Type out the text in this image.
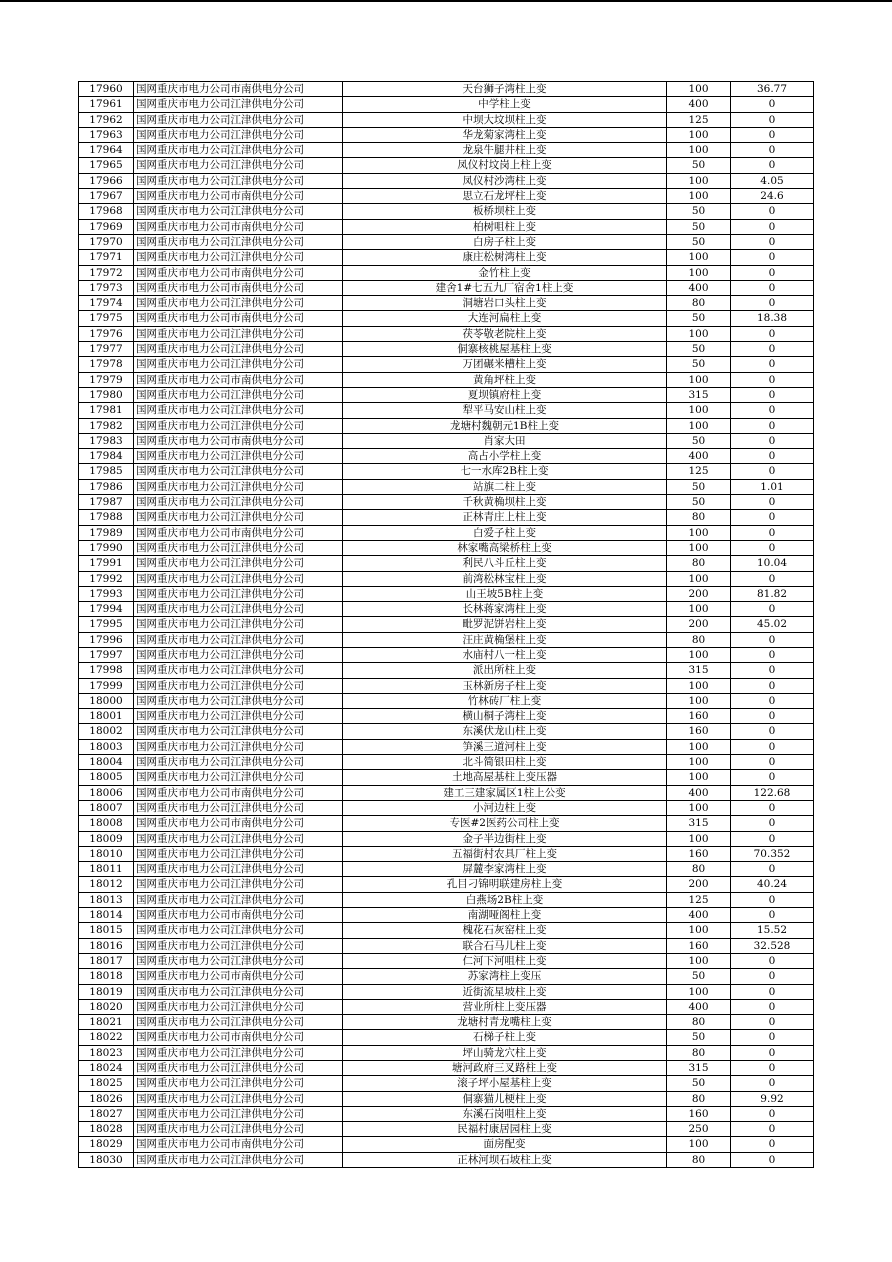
17960	国网重庆市电力公司市南供电分公司	天台狮子湾柱上变	100	36.77
17961	国网重庆市电力公司江津供电分公司	中学柱上变	400	0
17962	国网重庆市电力公司江津供电分公司	中坝大坟坝柱上变	125	0
17963	国网重庆市电力公司江津供电分公司	华龙菊家湾柱上变	100	0
17964	国网重庆市电力公司江津供电分公司	龙泉牛腿井柱上变	100	0
17965	国网重庆市电力公司江津供电分公司	凤仪村坟岗上柱上变	50	0
17966	国网重庆市电力公司江津供电分公司	凤仪村沙湾柱上变	100	4.05
17967	国网重庆市电力公司市南供电分公司	思立石龙坪柱上变	100	24.6
17968	国网重庆市电力公司江津供电分公司	板桥坝柱上变	50	0
17969	国网重庆市电力公司市南供电分公司	柏树咀柱上变	50	0
17970	国网重庆市电力公司江津供电分公司	白房子柱上变	50	0
17971	国网重庆市电力公司江津供电分公司	康庄松树湾柱上变	100	0
17972	国网重庆市电力公司市南供电分公司	金竹柱上变	100	0
17973	国网重庆市电力公司市南供电分公司	建舍1#七五九厂宿舍1柱上变	400	0
17974	国网重庆市电力公司江津供电分公司	洞塘岩口头柱上变	80	0
17975	国网重庆市电力公司市南供电分公司	大连河扁柱上变	50	18.38
17976	国网重庆市电力公司江津供电分公司	茯苓敬老院柱上变	100	0
17977	国网重庆市电力公司江津供电分公司	侗寨核桃屋基柱上变	50	0
17978	国网重庆市电力公司江津供电分公司	万团碾米槽柱上变	50	0
17979	国网重庆市电力公司市南供电分公司	黄角坪柱上变	100	0
17980	国网重庆市电力公司江津供电分公司	夏坝镇府柱上变	315	0
17981	国网重庆市电力公司江津供电分公司	犁平马安山柱上变	100	0
17982	国网重庆市电力公司江津供电分公司	龙塘村魏朝元1B柱上变	100	0
17983	国网重庆市电力公司市南供电分公司	肖家大田	50	0
17984	国网重庆市电力公司江津供电分公司	高占小学柱上变	400	0
17985	国网重庆市电力公司江津供电分公司	七一水库2B柱上变	125	0
17986	国网重庆市电力公司江津供电分公司	站旗二柱上变	50	1.01
17987	国网重庆市电力公司江津供电分公司	千秋黄桷坝柱上变	50	0
17988	国网重庆市电力公司江津供电分公司	正林青庄上柱上变	80	0
17989	国网重庆市电力公司市南供电分公司	白爱子柱上变	100	0
17990	国网重庆市电力公司江津供电分公司	林家嘴高梁桥柱上变	100	0
17991	国网重庆市电力公司江津供电分公司	利民八斗丘柱上变	80	10.04
17992	国网重庆市电力公司江津供电分公司	前湾松林宝柱上变	100	0
17993	国网重庆市电力公司江津供电分公司	山王坡5B柱上变	200	81.82
17994	国网重庆市电力公司江津供电分公司	长林蒋家湾柱上变	100	0
17995	国网重庆市电力公司江津供电分公司	毗罗泥饼岩柱上变	200	45.02
17996	国网重庆市电力公司江津供电分公司	汪庄黄桷堡柱上变	80	0
17997	国网重庆市电力公司江津供电分公司	水庙村八一柱上变	100	0
17998	国网重庆市电力公司江津供电分公司	派出所柱上变	315	0
17999	国网重庆市电力公司江津供电分公司	玉林新房子柱上变	100	0
18000	国网重庆市电力公司江津供电分公司	竹林砖厂柱上变	100	0
18001	国网重庆市电力公司江津供电分公司	横山桐子湾柱上变	160	0
18002	国网重庆市电力公司江津供电分公司	东溪伏龙山柱上变	160	0
18003	国网重庆市电力公司江津供电分公司	笋溪三道河柱上变	100	0
18004	国网重庆市电力公司江津供电分公司	北斗简银田柱上变	100	0
18005	国网重庆市电力公司江津供电分公司	土地高屋基柱上变压器	100	0
18006	国网重庆市电力公司市南供电分公司	建工三建家属区1柱上公变	400	122.68
18007	国网重庆市电力公司江津供电分公司	小河边柱上变	100	0
18008	国网重庆市电力公司市南供电分公司	专医#2医药公司柱上变	315	0
18009	国网重庆市电力公司江津供电分公司	金子半边街柱上变	100	0
18010	国网重庆市电力公司江津供电分公司	五福街村农具厂柱上变	160	70.352
18011	国网重庆市电力公司江津供电分公司	屏麓李家湾柱上变	80	0
18012	国网重庆市电力公司江津供电分公司	孔目刁锦明联建房柱上变	200	40.24
18013	国网重庆市电力公司江津供电分公司	白燕场2B柱上变	125	0
18014	国网重庆市电力公司市南供电分公司	南湖哑阁柱上变	400	0
18015	国网重庆市电力公司江津供电分公司	槐花石灰窑柱上变	100	15.52
18016	国网重庆市电力公司江津供电分公司	联合石马儿柱上变	160	32.528
18017	国网重庆市电力公司江津供电分公司	仁河下河咀柱上变	100	0
18018	国网重庆市电力公司市南供电分公司	苏家湾柱上变压	50	0
18019	国网重庆市电力公司江津供电分公司	近街流星坡柱上变	100	0
18020	国网重庆市电力公司江津供电分公司	营业所柱上变压器	400	0
18021	国网重庆市电力公司江津供电分公司	龙塘村青龙嘴柱上变	80	0
18022	国网重庆市电力公司市南供电分公司	石梯子柱上变	50	0
18023	国网重庆市电力公司江津供电分公司	坪山骑龙穴柱上变	80	0
18024	国网重庆市电力公司江津供电分公司	塘河政府三叉路柱上变	315	0
18025	国网重庆市电力公司江津供电分公司	滚子坪小屋基柱上变	50	0
18026	国网重庆市电力公司江津供电分公司	侗寨猫儿梗柱上变	80	9.92
18027	国网重庆市电力公司江津供电分公司	东溪石岗咀柱上变	160	0
18028	国网重庆市电力公司江津供电分公司	民福村康居园柱上变	250	0
18029	国网重庆市电力公司市南供电分公司	面房配变	100	0
18030	国网重庆市电力公司江津供电分公司	正林河坝石坡柱上变	80	0
